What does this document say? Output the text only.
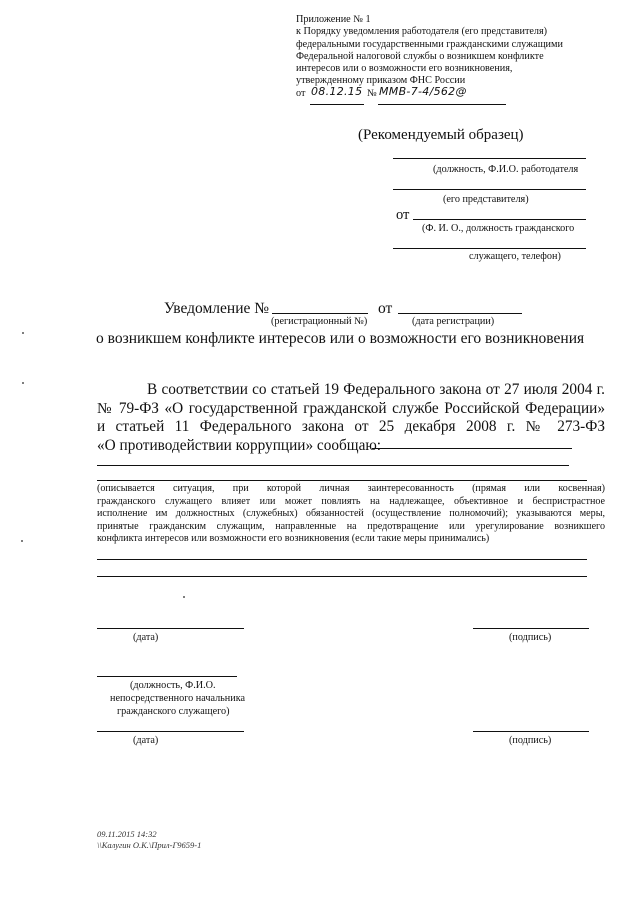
Приложение № 1
к Порядку уведомления работодателя (его представителя)
федеральными государственными гражданскими служащими
Федеральной налоговой службы о возникшем конфликте
интересов или о возможности его возникновения,
утвержденному приказом ФНС России
от 08.12.15 № ММВ-7-4/562@
(Рекомендуемый образец)
(должность, Ф.И.О. работодателя
(его представителя)
от
(Ф. И. О., должность гражданского
служащего, телефон)
Уведомление №	от
(регистрационный №)	(дата регистрации)
о возникшем конфликте интересов или о возможности его возникновения
В соответствии со статьей 19 Федерального закона от 27 июля 2004 г.
№ 79-ФЗ «О государственной гражданской службе Российской Федерации»
и статьей 11 Федерального закона от 25 декабря 2008 г. № 273-ФЗ
«О противодействии коррупции» сообщаю:
(описывается ситуация, при которой личная заинтересованность (прямая или косвенная)
гражданского служащего влияет или может повлиять на надлежащее, объективное и беспристрастное
исполнение им должностных (служебных) обязанностей (осуществление полномочий); указываются меры,
принятые гражданским служащим, направленные на предотвращение или урегулирование возникшего
конфликта интересов или возможности его возникновения (если такие меры принимались)
(дата)	(подпись)
(должность, Ф.И.О.
непосредственного начальника
гражданского служащего)
(дата)	(подпись)
09.11.2015 14:32
\\Калугин О.К.\Прил-Г9659-1
